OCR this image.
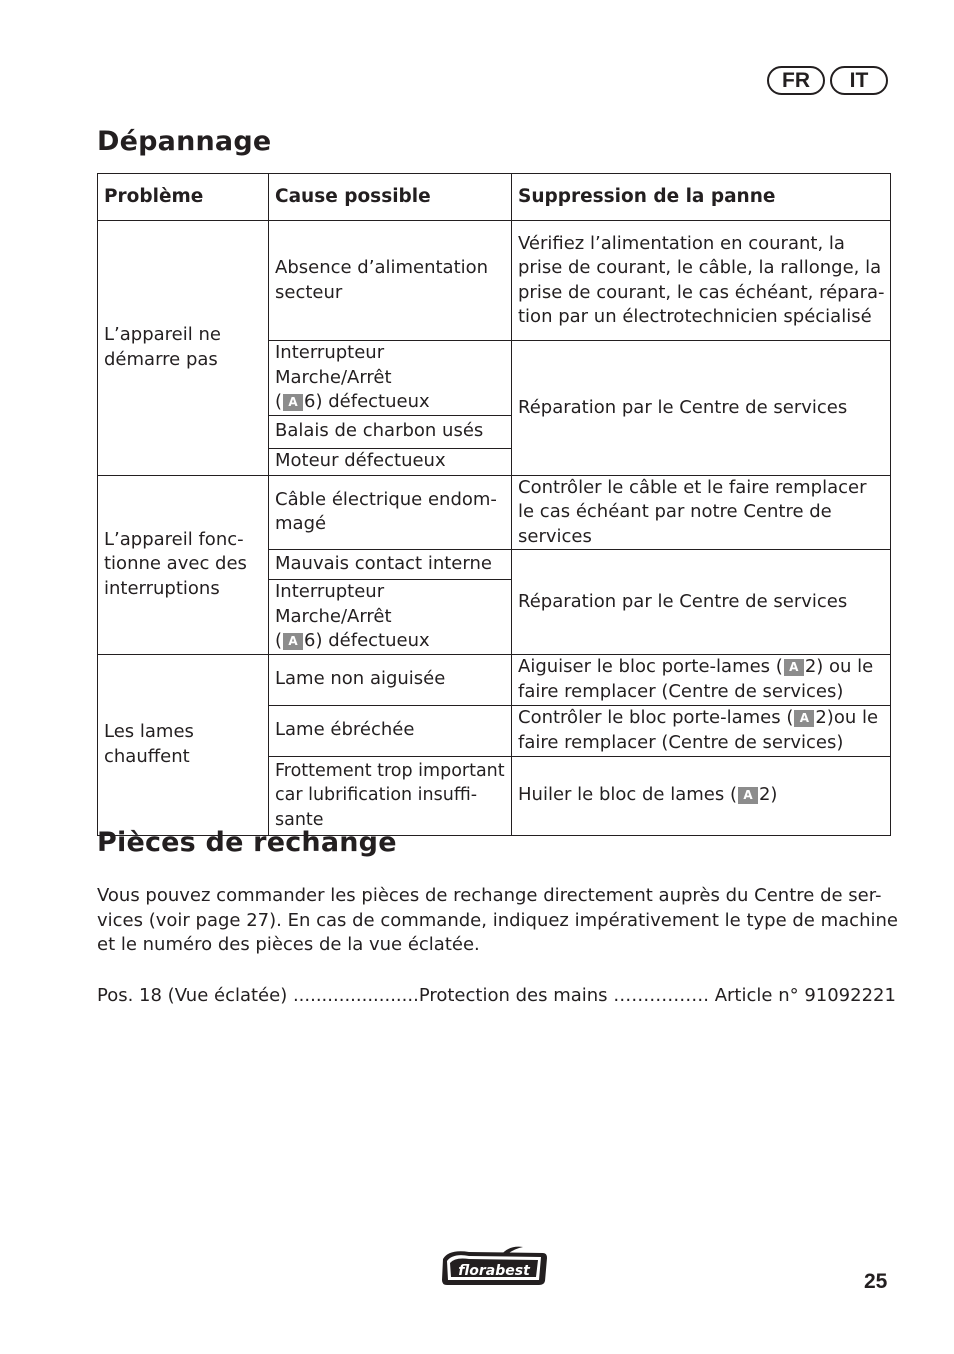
FR	IT
Dépannage
Problème	Cause possible	Suppression de la panne
L’appareil ne démarre pas	Absence d’alimentation secteur	Vérifiez l’alimentation en courant, la
prise de courant, le câble, la rallonge, la
prise de courant, le cas échéant, répara-
tion par un électrotechnicien spécialisé

	Interrupteur Marche/Arrêt
( A 6) défectueux	Réparation par le Centre de services
	Balais de charbon usés	
	Moteur défectueux	
L’appareil fonc- tionne avec des interruptions	Câble électrique endom- magé	Contrôler le câble et le faire remplacer le cas échéant par notre Centre de services
	Mauvais contact interne	Réparation par le Centre de services

	Interrupteur Marche/Arrêt
( A 6) défectueux	
Les lames chauffent	Lame non aiguisée	Aiguiser le bloc porte-lames ( A 2) ou le
faire remplacer (Centre de services)

	Lame ébréchée	Contrôler le bloc porte-lames ( A 2)ou le
faire remplacer (Centre de services)

	Frottement trop important car lubrification insuffi- sante	Huiler le bloc de lames ( A 2)
Pièces de rechange

Vous pouvez commander les pièces de rechange directement auprès du Centre de ser-
vices (voir page 27). En cas de commande, indiquez impérativement le type de machine
et le numéro des pièces de la vue éclatée.

Pos. 18 (Vue éclatée) ......................Protection des mains ……………. Article n° 91092221

florabest	25
